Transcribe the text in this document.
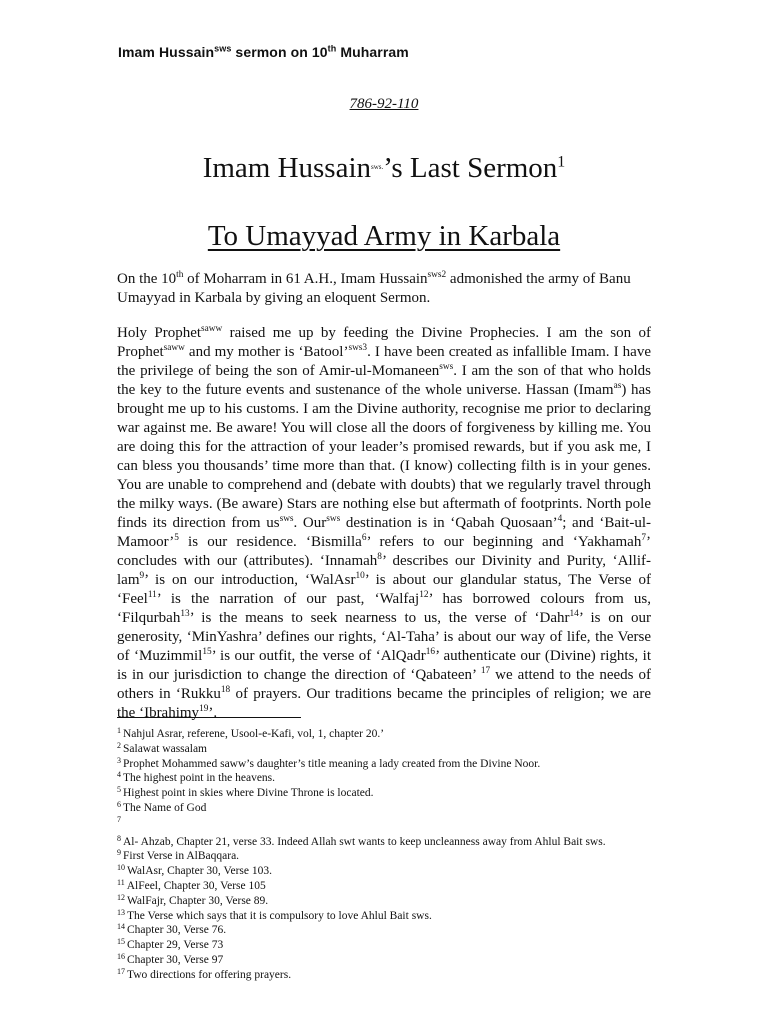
Imam Hussain$^{sws}$ sermon on 10th Muharram
786-92-110
Imam Hussain$^{sws.}$’s Last Sermon$^1$
To Umayyad Army in Karbala

On the 10th of Moharram in 61 A.H., Imam Hussain$^{sws2}$ admonished the army of Banu Umayyad in Karbala by giving an eloquent Sermon.

Holy Prophet$^{saww}$ raised me up by feeding the Divine Prophecies. I am the son of Prophet$^{saww}$ and my mother is ‘Batool’$^{sws3}$. I have been created as infallible Imam. I have the privilege of being the son of Amir-ul-Momaneen$^{sws}$. I am the son of that who holds the key to the future events and sustenance of the whole universe. Hassan (Imam$^{as}$) has brought me up to his customs. I am the Divine authority, recognise me prior to declaring war against me. Be aware! You will close all the doors of forgiveness by killing me. You are doing this for the attraction of your leader’s promised rewards, but if you ask me, I can bless you thousands’ time more than that. (I know) collecting filth is in your genes. You are unable to comprehend and (debate with doubts) that we regularly travel through the milky ways. (Be aware) Stars are nothing else but aftermath of footprints. North pole finds its direction from $us^{sws}$. Our$^{sws}$ destination is in ‘Qabah Quosaan’$^4$; and ‘Bait-ul-Mamoor’$^5$ is our residence. ‘Bismilla$^6$’ refers to our beginning and ‘Yakhamah$^7$’ concludes with our (attributes). ‘Innamah$^8$’ describes our Divinity and Purity, ‘Allif-lam$^9$’ is on our introduction, ‘WalAsr$^{10}$’ is about our glandular status, The Verse of ‘Feel$^{11}$’ is the narration of our past, ‘Walfaj$^{12}$’ has borrowed colours from us, ‘Filqurbah$^{13}$’ is the means to seek nearness to us, the verse of ‘Dahr$^{14}$’ is on our generosity, ‘MinYashra’ defines our rights, ‘Al-Taha’ is about our way of life, the Verse of ‘Muzimmil$^{15}$’ is our outfit, the verse of ‘AlQadr$^{16}$’ authenticate our (Divine) rights, it is in our jurisdiction to change the direction of ‘Qabateen’ $^{17}$ we attend to the needs of others in ‘Rukku$^{18}$ of prayers. Our traditions became the principles of religion; we are the ‘Ibrahimy$^{19}$’.

$^1$ Nahjul Asrar, referene, Usool-e-Kafi, vol, 1, chapter 20.’
$^2$ Salawat wassalam
$^3$ Prophet Mohammed saww’s daughter’s title meaning a lady created from the Divine Noor.
$^4$ The highest point in the heavens.
$^5$ Highest point in skies where Divine Throne is located.
$^6$ The Name of God
$^7$
$^8$ Al- Ahzab, Chapter 21, verse 33. Indeed Allah swt wants to keep uncleanness away from Ahlul Bait sws.
$^9$ First Verse in AlBaqqara.
$^{10}$ WalAsr, Chapter 30, Verse 103.
$^{11}$ AlFeel, Chapter 30, Verse 105
$^{12}$ WalFajr, Chapter 30, Verse 89.
$^{13}$ The Verse which says that it is compulsory to love Ahlul Bait sws.
$^{14}$ Chapter 30, Verse 76.
$^{15}$ Chapter 29, Verse 73
$^{16}$ Chapter 30, Verse 97
$^{17}$ Two directions for offering prayers.
